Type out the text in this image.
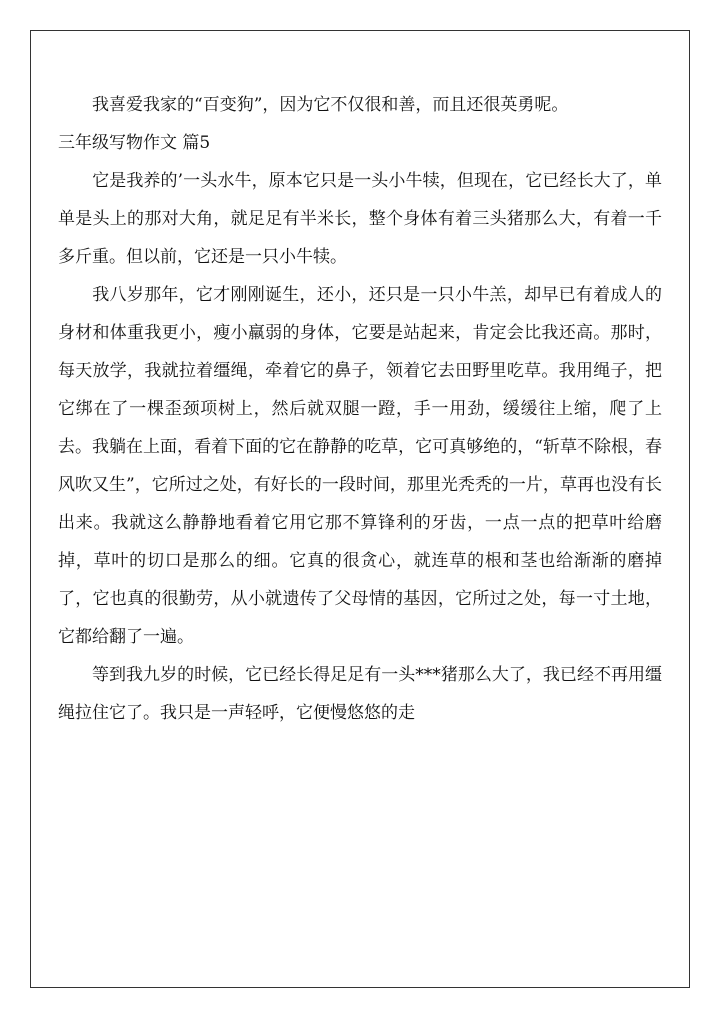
我喜爱我家的“百变狗”，因为它不仅很和善，而且还很英勇呢。

三年级写物作文 篇5

它是我养的’一头水牛，原本它只是一头小牛犊，但现在，它已经长大了，单单是头上的那对大角，就足足有半米长，整个身体有着三头猪那么大，有着一千多斤重。但以前，它还是一只小牛犊。

我八岁那年，它才刚刚诞生，还小，还只是一只小牛羔，却早已有着成人的身材和体重我更小，瘦小羸弱的身体，它要是站起来，肯定会比我还高。那时，每天放学，我就拉着缰绳，牵着它的鼻子，领着它去田野里吃草。我用绳子，把它绑在了一棵歪颈项树上，然后就双腿一蹬，手一用劲，缓缓往上缩，爬了上去。我躺在上面，看着下面的它在静静的吃草，它可真够绝的，“斩草不除根，春风吹又生”，它所过之处，有好长的一段时间，那里光秃秃的一片，草再也没有长出来。我就这么静静地看着它用它那不算锋利的牙齿，一点一点的把草叶给磨掉，草叶的切口是那么的细。它真的很贪心，就连草的根和茎也给渐渐的磨掉了，它也真的很勤劳，从小就遗传了父母情的基因，它所过之处，每一寸土地，它都给翻了一遍。

等到我九岁的时候，它已经长得足足有一头***猪那么大了，我已经不再用缰绳拉住它了。我只是一声轻呼，它便慢悠悠的走
